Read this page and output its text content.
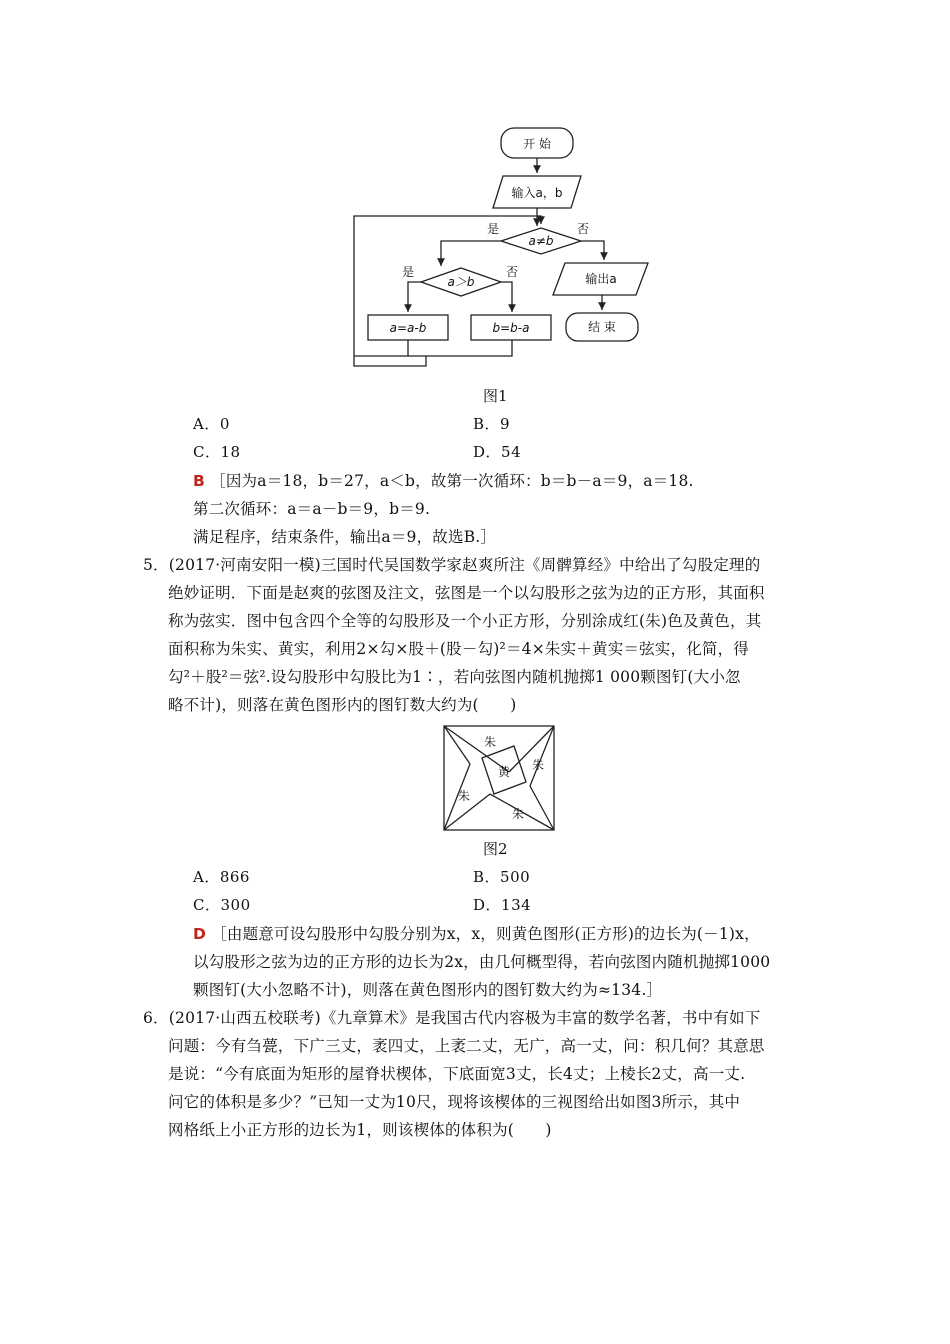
开 始
输入a，b
a≠b
是	否
a＞b
是	否
a=a-b	b=b-a
输出a
结 束
图1
A．0	B．9
C．18	D．54
B ［因为a＝18，b＝27，a＜b，故第一次循环：b＝b－a＝9，a＝18.
第二次循环：a＝a－b＝9，b＝9.
满足程序，结束条件，输出a＝9，故选B.］
5．(2017·河南安阳一模)三国时代吴国数学家赵爽所注《周髀算经》中给出了勾股定理的
绝妙证明．下面是赵爽的弦图及注文，弦图是一个以勾股形之弦为边的正方形，其面积
称为弦实．图中包含四个全等的勾股形及一个小正方形，分别涂成红(朱)色及黄色，其
面积称为朱实、黄实，利用2×勾×股＋(股－勾)²＝4×朱实＋黄实＝弦实，化简，得
勾²＋股²＝弦².设勾股形中勾股比为1∶，若向弦图内随机抛掷1 000颗图钉(大小忽
略不计)，则落在黄色图形内的图钉数大约为(　　)
朱
朱
黄
朱
朱
图2
A．866	B．500
C．300	D．134
D ［由题意可设勾股形中勾股分别为x，x，则黄色图形(正方形)的边长为(－1)x，
以勾股形之弦为边的正方形的边长为2x，由几何概型得，若向弦图内随机抛掷1000
颗图钉(大小忽略不计)，则落在黄色图形内的图钉数大约为≈134.］
6．(2017·山西五校联考)《九章算术》是我国古代内容极为丰富的数学名著，书中有如下
问题：今有刍甍，下广三丈，袤四丈，上袤二丈，无广，高一丈，问：积几何？其意思
是说：“今有底面为矩形的屋脊状楔体，下底面宽3丈，长4丈；上棱长2丈，高一丈.
问它的体积是多少？”已知一丈为10尺，现将该楔体的三视图给出如图3所示，其中
网格纸上小正方形的边长为1，则该楔体的体积为(　　)
